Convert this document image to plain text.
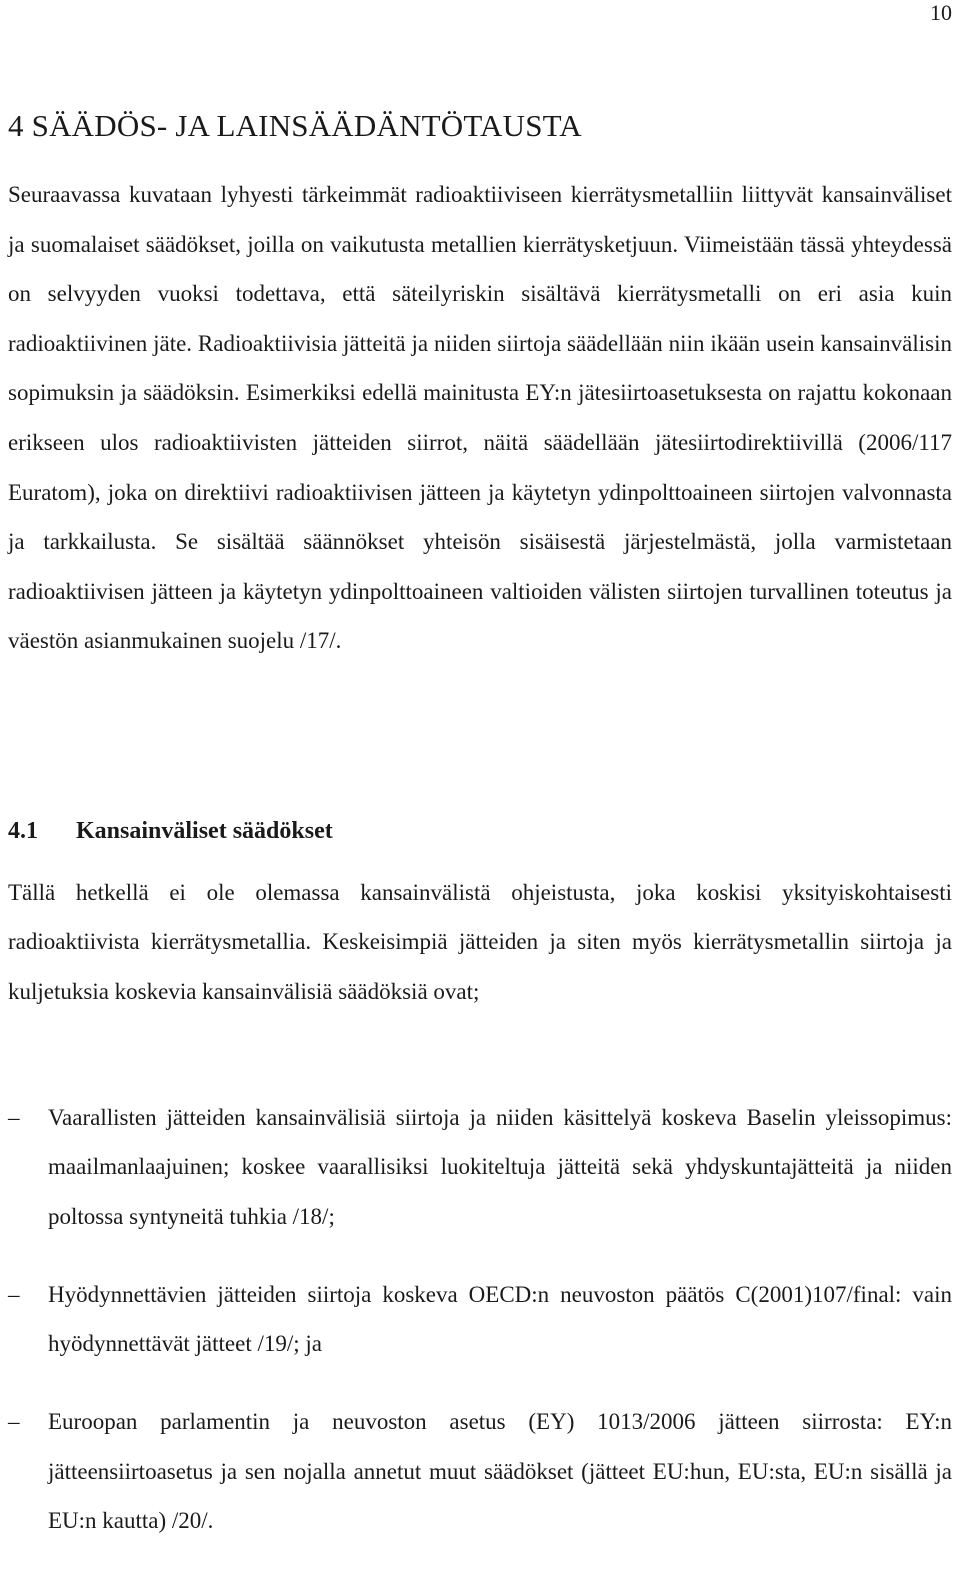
10
4 SÄÄDÖS- JA LAINSÄÄDÄNTÖTAUSTA

Seuraavassa kuvataan lyhyesti tärkeimmät radioaktiiviseen kierrätysmetalliin liittyvät kansainväliset ja suomalaiset säädökset, joilla on vaikutusta metallien kierrätysketjuun. Viimeistään tässä yhteydessä on selvyyden vuoksi todettava, että säteilyriskin sisältävä kierrätysmetalli on eri asia kuin radioaktiivinen jäte. Radioaktiivisia jätteitä ja niiden siirtoja säädellään niin ikään usein kansainvälisin sopimuksin ja säädöksin. Esimerkiksi edellä mainitusta EY:n jätesiirtoasetuksesta on rajattu kokonaan erikseen ulos radioaktiivisten jätteiden siirrot, näitä säädellään jätesiirtodirektiivillä (2006/117 Euratom), joka on direktiivi radioaktiivisen jätteen ja käytetyn ydinpolttoaineen siirtojen valvonnasta ja tarkkailusta. Se sisältää säännökset yhteisön sisäisestä järjestelmästä, jolla varmistetaan radioaktiivisen jätteen ja käytetyn ydinpolttoaineen valtioiden välisten siirtojen turvallinen toteutus ja väestön asianmukainen suojelu /17/.

4.1 Kansainväliset säädökset

Tällä hetkellä ei ole olemassa kansainvälistä ohjeistusta, joka koskisi yksityiskohtaisesti radioaktiivista kierrätysmetallia. Keskeisimpiä jätteiden ja siten myös kierrätysmetallin siirtoja ja kuljetuksia koskevia kansainvälisiä säädöksiä ovat;

–	Vaarallisten jätteiden kansainvälisiä siirtoja ja niiden käsittelyä koskeva Baselin yleissopimus: maailmanlaajuinen; koskee vaarallisiksi luokiteltuja jätteitä sekä yhdyskuntajätteitä ja niiden poltossa syntyneitä tuhkia /18/;
–	Hyödynnettävien jätteiden siirtoja koskeva OECD:n neuvoston päätös C(2001)107/final: vain hyödynnettävät jätteet /19/; ja
–	Euroopan parlamentin ja neuvoston asetus (EY) 1013/2006 jätteen siirrosta: EY:n jätteensiirtoasetus ja sen nojalla annetut muut säädökset (jätteet EU:hun, EU:sta, EU:n sisällä ja EU:n kautta) /20/.
